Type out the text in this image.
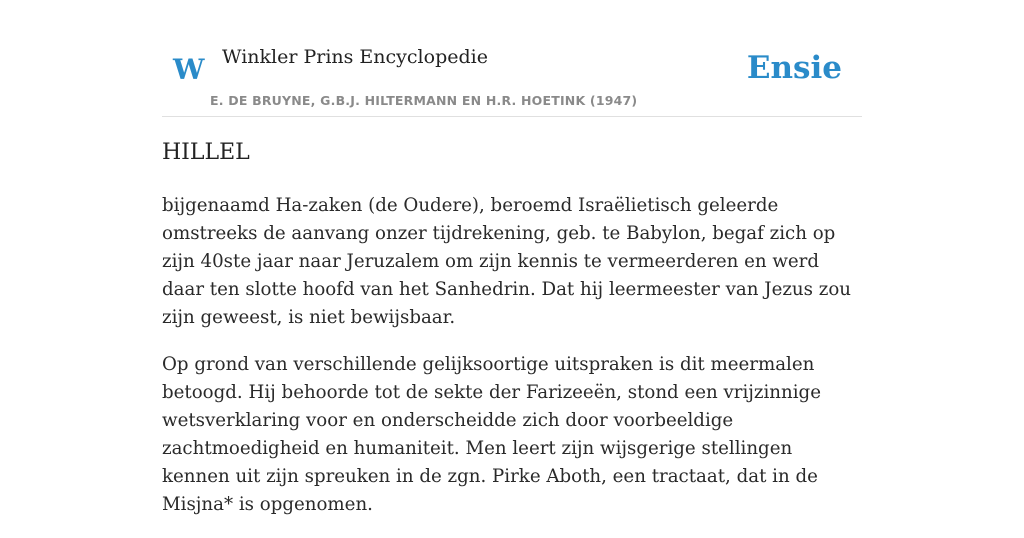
W Winkler Prins Encyclopedie
E. DE BRUYNE, G.B.J. HILTERMANN EN H.R. HOETINK (1947)
Ensie
HILLEL

bijgenaamd Ha-zaken (de Oudere), beroemd Israëlietisch geleerde omstreeks de aanvang onzer tijdrekening, geb. te Babylon, begaf zich op zijn 40ste jaar naar Jeruzalem om zijn kennis te vermeerderen en werd daar ten slotte hoofd van het Sanhedrin. Dat hij leermeester van Jezus zou zijn geweest, is niet bewijsbaar.

Op grond van verschillende gelijksoortige uitspraken is dit meermalen betoogd. Hij behoorde tot de sekte der Farizeeën, stond een vrijzinnige wetsverklaring voor en onderscheidde zich door voorbeeldige zachtmoedigheid en humaniteit. Men leert zijn wijsgerige stellingen kennen uit zijn spreuken in de zgn. Pirke Aboth, een tractaat, dat in de Misjna* is opgenomen.
